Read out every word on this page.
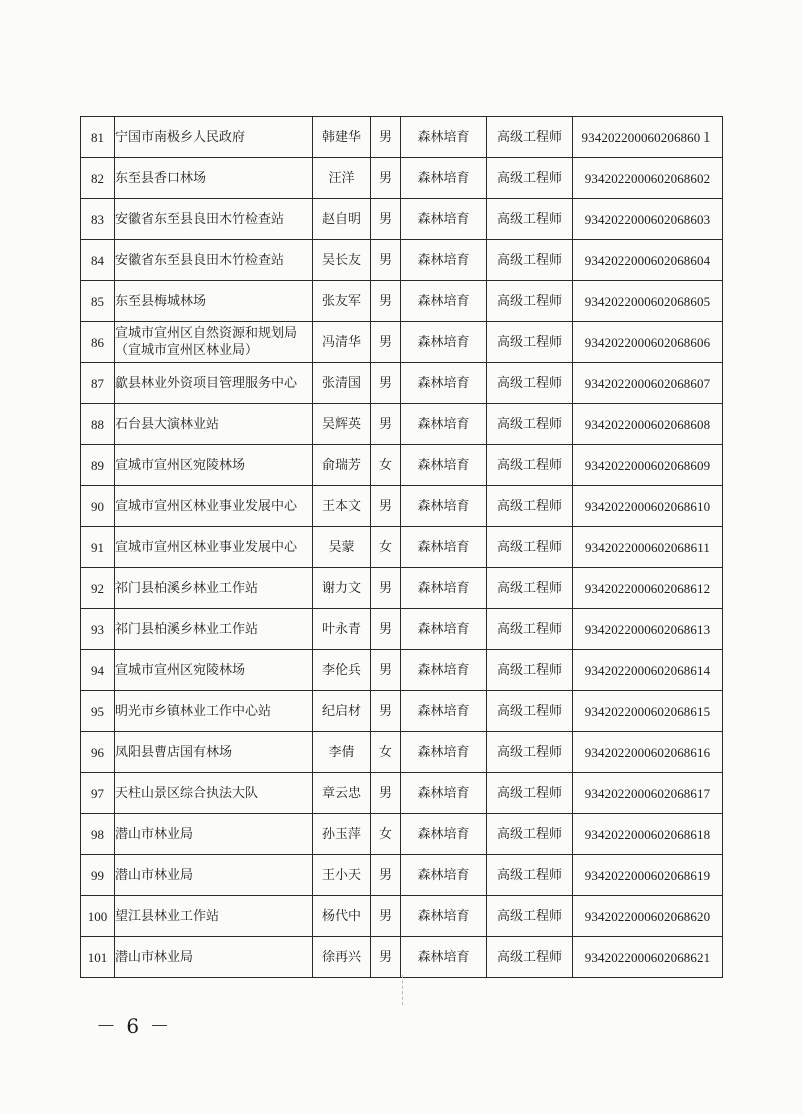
81	宁国市南极乡人民政府	韩建华	男	森林培育	高级工程师	934202200060206860１
82	东至县香口林场	汪洋	男	森林培育	高级工程师	9342022000602068602
83	安徽省东至县良田木竹检查站	赵自明	男	森林培育	高级工程师	9342022000602068603
84	安徽省东至县良田木竹检查站	吴长友	男	森林培育	高级工程师	9342022000602068604
85	东至县梅城林场	张友军	男	森林培育	高级工程师	9342022000602068605
86	宣城市宣州区自然资源和规划局（宣城市宣州区林业局）	冯清华	男	森林培育	高级工程师	9342022000602068606
87	歙县林业外资项目管理服务中心	张清国	男	森林培育	高级工程师	9342022000602068607
88	石台县大演林业站	吴辉英	男	森林培育	高级工程师	9342022000602068608
89	宣城市宣州区宛陵林场	俞瑞芳	女	森林培育	高级工程师	9342022000602068609
90	宣城市宣州区林业事业发展中心	王本文	男	森林培育	高级工程师	9342022000602068610
91	宣城市宣州区林业事业发展中心	吴蒙	女	森林培育	高级工程师	9342022000602068611
92	祁门县柏溪乡林业工作站	谢力文	男	森林培育	高级工程师	9342022000602068612
93	祁门县柏溪乡林业工作站	叶永青	男	森林培育	高级工程师	9342022000602068613
94	宣城市宣州区宛陵林场	李伦兵	男	森林培育	高级工程师	9342022000602068614
95	明光市乡镇林业工作中心站	纪启材	男	森林培育	高级工程师	9342022000602068615
96	凤阳县曹店国有林场	李倩	女	森林培育	高级工程师	9342022000602068616
97	天柱山景区综合执法大队	章云忠	男	森林培育	高级工程师	9342022000602068617
98	潜山市林业局	孙玉萍	女	森林培育	高级工程师	9342022000602068618
99	潜山市林业局	王小天	男	森林培育	高级工程师	9342022000602068619
100	望江县林业工作站	杨代中	男	森林培育	高级工程师	9342022000602068620
101	潜山市林业局	徐再兴	男	森林培育	高级工程师	9342022000602068621
－ 6 －
